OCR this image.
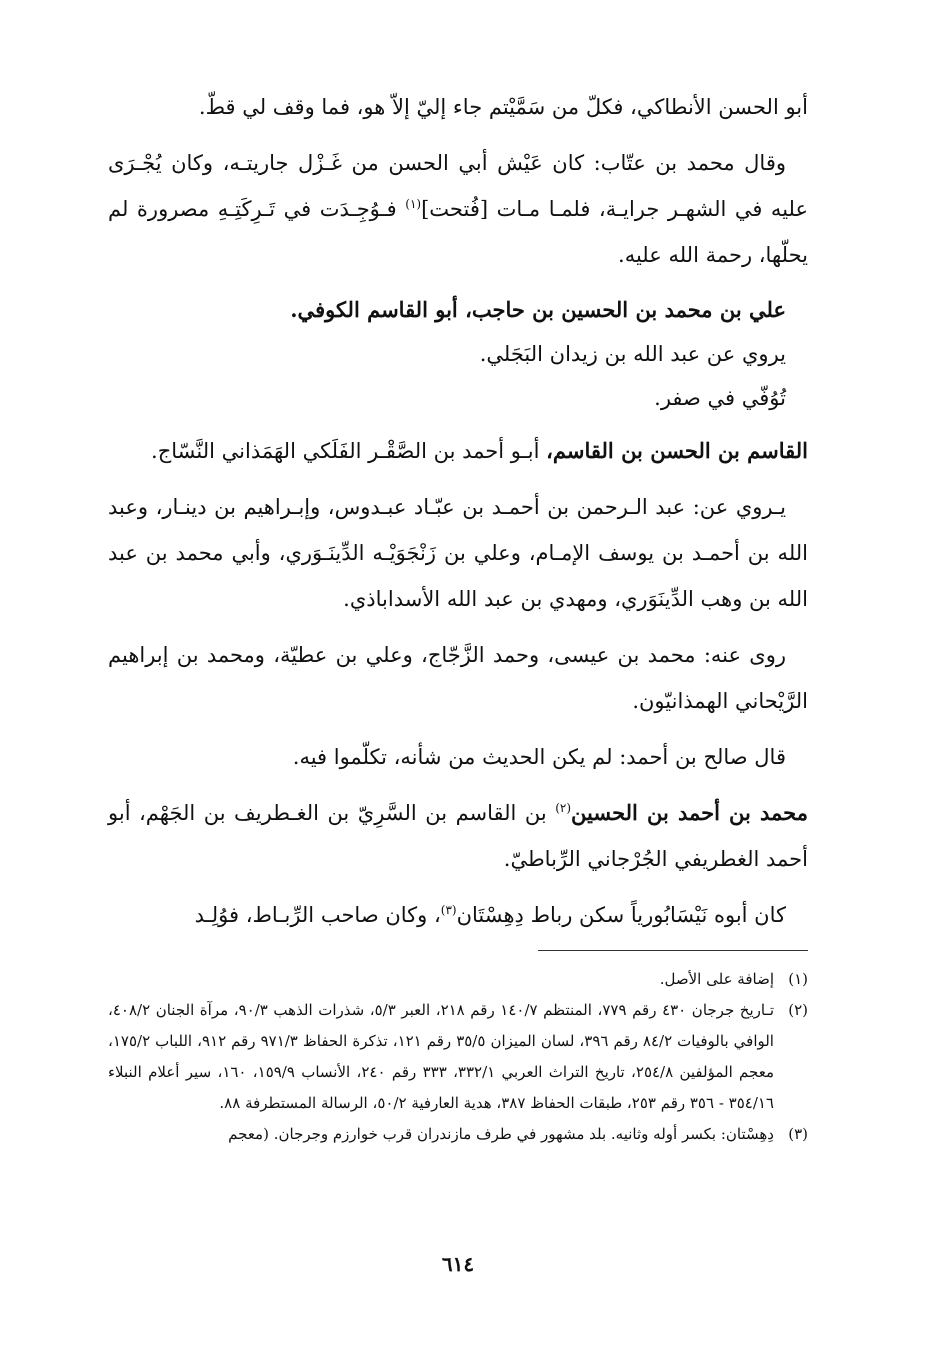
أبو الحسن الأنطاكي، فكلّ من سَمَّيْتم جاء إليّ إلاّ هو، فما وقف لي قطّ.

وقال محمد بن عتّاب: كان عَيْش أبي الحسن من غَـزْل جاريتـه، وكان يُجْـرَى عليه في الشهـر جرايـة، فلمـا مـات [فُتحت]$^{(١)}$ فـوُجِـدَت في تَـرِكَتِـهِ مصرورة لم يحلّها، رحمة الله عليه.

علي بن محمد بن الحسين بن حاجب، أبو القاسم الكوفي.

يروي عن عبد الله بن زيدان البَجَلي.

تُوُفّي في صفر.

القاسم بن الحسن بن القاسم، أبـو أحمد بن الصَّقْـر الفَلَكي الهَمَذاني النَّسّاج.

يـروي عن: عبد الـرحمن بن أحمـد بن عبّـاد عبـدوس، وإبـراهيم بن دينـار، وعبد الله بن أحمـد بن يوسف الإمـام، وعلي بن زَنْجَوَيْـه الدِّينَـوَري، وأبي محمد بن عبد الله بن وهب الدِّينَوَري، ومهدي بن عبد الله الأسداباذي.

روى عنه: محمد بن عيسى، وحمد الزَّجّاج، وعلي بن عطيّة، ومحمد بن إبراهيم الرَّيْحاني الهمذانيّون.

قال صالح بن أحمد: لم يكن الحديث من شأنه، تكلّموا فيه.

محمد بن أحمد بن الحسين$^{(٢)}$ بن القاسم بن السَّرِيّ بن الغـطريف بن الجَهْم، أبو أحمد الغطريفي الجُرْجاني الرِّباطيّ.

كان أبوه نَيْسَابُورياً سكن رباط دِهِسْتَان$^{(٣)}$، وكان صاحب الرِّبـاط، فوُلِـد

(١)
إضافة على الأصل.
(٢)
تـاريخ جرجان ٤٣٠ رقم ٧٧٩، المنتظم ١٤٠/٧ رقم ٢١٨، العبر ٥/٣، شذرات الذهب ٩٠/٣، مرآة الجنان ٤٠٨/٢، الوافي بالوفيات ٨٤/٢ رقم ٣٩٦، لسان الميزان ٣٥/٥ رقم ١٢١، تذكرة الحفاظ ٩٧١/٣ رقم ٩١٢، اللباب ١٧٥/٢، معجم المؤلفين ٢٥٤/٨، تاريخ التراث العربي ٣٣٢/١، ٣٣٣ رقم ٢٤٠، الأنساب ١٥٩/٩، ١٦٠، سير أعلام النبلاء ٣٥٤/١٦ - ٣٥٦ رقم ٢٥٣، طبقات الحفاظ ٣٨٧، هدية العارفية ٥٠/٢، الرسالة المستطرفة ٨٨.
(٣)
دِهِسْتان: بكسر أوله وثانيه. بلد مشهور في طرف مازندران قرب خوارزم وجرجان. (معجم
٦١٤
